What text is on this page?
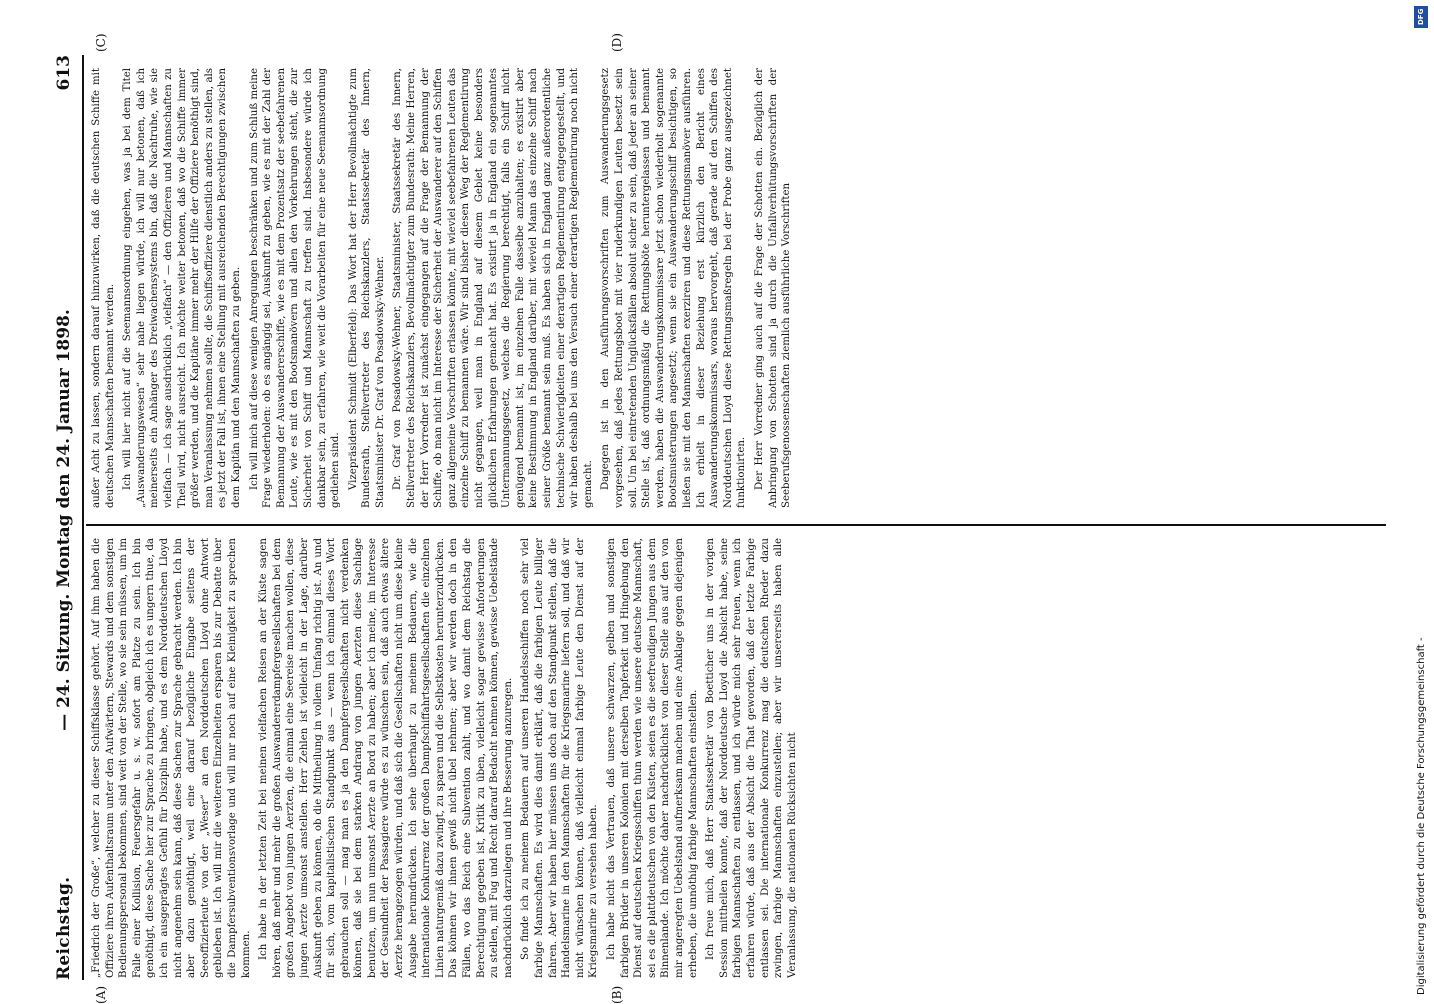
Reichstag.
— 24. Sitzung. Montag den 24. Januar 1898.
613
(A)	(B)
(C)	(D)

„Friedrich der Große“, welcher zu dieser Schiffsklasse gehört. Auf ihm haben die Offiziere ihren Aufenthaltsraum unter den Aufwärtern, Stewards und dem sonstigen Bedienungspersonal bekommen, sind weit von der Stelle, wo sie sein müssen, um im Falle einer Kollision, Feuersgefahr u. s. w. sofort am Platze zu sein. Ich bin genöthigt, diese Sache hier zur Sprache zu bringen, obgleich ich es ungern thue, da ich ein ausgeprägtes Gefühl für Disziplin habe, und es dem Norddeutschen Lloyd nicht angenehm sein kann, daß diese Sachen zur Sprache gebracht werden. Ich bin aber dazu genöthigt, weil eine darauf bezügliche Eingabe seitens der Seeoffizierleute von der „Weser“ an den Norddeutschen Lloyd ohne Antwort geblieben ist. Ich will mir die weiteren Einzelheiten ersparen bis zur Debatte über die Dampfersubventionsvorlage und will nur noch auf eine Kleinigkeit zu sprechen kommen. Ich habe in der letzten Zeit bei meinen vielfachen Reisen an der Küste sagen hören, daß mehr und mehr die großen Auswandererdampfergesellschaften bei dem großen Angebot von jungen Aerzten, die einmal eine Seereise machen wollen, diese jungen Aerzte umsonst anstellen. Herr Zehlen ist vielleicht in der Lage, darüber Auskunft geben zu können, ob die Mittheilung in vollem Umfang richtig ist. An und für sich, vom kapitalistischen Standpunkt aus — wenn ich einmal dieses Wort gebrauchen soll — mag man es ja den Dampfergesellschaften nicht verdenken können, daß sie bei dem starken Andrang von jungen Aerzten diese Sachlage benutzen, um nun umsonst Aerzte an Bord zu haben; aber ich meine, im Interesse der Gesundheit der Passagiere würde es zu wünschen sein, daß auch etwas ältere Aerzte herangezogen würden, und daß sich die Gesellschaften nicht um diese kleine Ausgabe herumdrücken. Ich sehe überhaupt zu meinem Bedauern, wie die internationale Konkurrenz der großen Dampfschiffahrtsgesellschaften die einzelnen Linien naturgemäß dazu zwingt, zu sparen und die Selbstkosten herunterzudrücken. Das können wir ihnen gewiß nicht übel nehmen; aber wir werden doch in den Fällen, wo das Reich eine Subvention zahlt, und wo damit dem Reichstag die Berechtigung gegeben ist, Kritik zu üben, vielleicht sogar gewisse Anforderungen zu stellen, mit Fug und Recht darauf Bedacht nehmen können, gewisse Uebelstände nachdrücklich darzulegen und ihre Besserung anzuregen. So finde ich zu meinem Bedauern auf unseren Handelsschiffen noch sehr viel farbige Mannschaften. Es wird dies damit erklärt, daß die farbigen Leute billiger fahren. Aber wir haben hier müssen uns doch auf den Standpunkt stellen, daß die Handelsmarine in den Mannschaften für die Kriegsmarine liefern soll, und daß wir nicht wünschen können, daß vielleicht einmal farbige Leute den Dienst auf der Kriegsmarine zu versehen haben. Ich habe nicht das Vertrauen, daß unsere schwarzen, gelben und sonstigen farbigen Brüder in unseren Kolonien mit derselben Tapferkeit und Hingebung den Dienst auf deutschen Kriegsschiffen thun werden wie unsere deutsche Mannschaft, sei es die plattdeutschen von den Küsten, seien es die seefreudigen Jungen aus dem Binnenlande. Ich möchte daher nachdrücklichst von dieser Stelle aus auf den von mir angeregten Uebelstand aufmerksam machen und eine Anklage gegen diejenigen erheben, die unnöthig farbige Mannschaften einstellen. Ich freue mich, daß Herr Staatssekretär von Boetticher uns in der vorigen Session mittheilen konnte, daß der Norddeutsche Lloyd die Absicht habe, seine farbigen Mannschaften zu entlassen, und ich würde mich sehr freuen, wenn ich erfahren würde, daß aus der Absicht die That geworden, daß der letzte Farbige entlassen sei. Die internationale Konkurrenz mag die deutschen Rheder dazu zwingen, farbige Mannschaften einzustellen; aber wir unsererseits haben alle Veranlassung, die nationalen Rücksichten nicht

außer Acht zu lassen, sondern darauf hinzuwirken, daß die deutschen Schiffe mit deutschen Mannschaften bemannt werden. Ich will hier nicht auf die Seemannsordnung eingehen, was ja bei dem Titel „Auswanderungswesen“ sehr nahe liegen würde, ich will nur betonen, daß ich meinerseits ein Anhänger des Dreiwachensystems bin, daß die Nachtruhe, wie sie vielfach — ich sage ausdrücklich „vielfach“ — den Offizieren und Mannschaften zu Theil wird, nicht ausreicht. Ich möchte weiter betonen, daß wo die Schiffe immer größer werden, und die Kapitäne immer mehr der Hilfe der Offiziere benöthigt sind, man Veranlassung nehmen sollte, die Schiffsoffiziere dienstlich anders zu stellen, als es jetzt der Fall ist, ihnen eine Stellung mit ausreichenden Berechtigungen zwischen dem Kapitän und den Mannschaften zu geben. Ich will mich auf diese wenigen Anregungen beschränken und zum Schluß meine Frage wiederholen: ob es angängig sei, Auskunft zu geben, wie es mit der Zahl der Bemannung der Auswandererschiffe, wie es mit dem Prozentsatz der seebefahrenen Leute, wie es mit den Bootsmanövern und allen den Vorkehrungen steht, die zur Sicherheit von Schiff und Mannschaft zu treffen sind. Insbesondere würde ich dankbar sein, zu erfahren, wie weit die Vorarbeiten für eine neue Seemannsordnung gediehen sind. Vizepräsident Schmidt (Elberfeld): Das Wort hat der Herr Bevollmächtigte zum Bundesrath, Stellvertreter des Reichskanzlers, Staatssekretär des Innern, Staatsminister Dr. Graf von Posadowsky-Wehner. Dr. Graf von Posadowsky-Wehner, Staatsminister, Staatssekretär des Innern, Stellvertreter des Reichskanzlers, Bevollmächtigter zum Bundesrath: Meine Herren, der Herr Vorredner ist zunächst eingegangen auf die Frage der Bemannung der Schiffe, ob man nicht im Interesse der Sicherheit der Auswanderer auf den Schiffen ganz allgemeine Vorschriften erlassen könnte, mit wieviel seebefahrenen Leuten das einzelne Schiff zu bemannen wäre. Wir sind bisher diesen Weg der Reglementirung nicht gegangen, weil man in England auf diesem Gebiet keine besonders glücklichen Erfahrungen gemacht hat. Es existirt ja in England ein sogenanntes Untermannungsgesetz, welches die Regierung berechtigt, falls ein Schiff nicht genügend bemannt ist, im einzelnen Falle dasselbe anzuhalten; es existirt aber keine Bestimmung in England darüber, mit wieviel Mann das einzelne Schiff nach seiner Größe bemannt sein muß. Es haben sich in England ganz außerordentliche technische Schwierigkeiten einer derartigen Reglementirung entgegengestellt, und wir haben deshalb bei uns den Versuch einer derartigen Reglementirung noch nicht gemacht. Dagegen ist in den Ausführungsvorschriften zum Auswanderungsgesetz vorgesehen, daß jedes Rettungsboot mit vier ruderkundigen Leuten besetzt sein soll. Um bei eintretenden Unglücksfällen absolut sicher zu sein, daß jeder an seiner Stelle ist, daß ordnungsmäßig die Rettungsböte heruntergelassen und bemannt werden, haben die Auswanderungskommissare jetzt schon wiederholt sogenannte Bootsmusterungen angesetzt; wenn sie ein Auswanderungsschiff besichtigen, so ließen sie mit den Mannschaften exerziren und diese Rettungsmanöver ausführen. Ich erhielt in dieser Beziehung erst kürzlich den Bericht eines Auswanderungskommissars, woraus hervorgeht, daß gerade auf den Schiffen des Norddeutschen Lloyd diese Rettungsmaßregeln bei der Probe ganz ausgezeichnet funktionirten. Der Herr Vorredner ging auch auf die Frage der Schotten ein. Bezüglich der Anbringung von Schotten sind ja durch die Unfallverhütungsvorschriften der Seeberufsgenossenschaften ziemlich ausführliche Vorschriften

Digitalisierung gefördert durch die Deutsche Forschungsgemeinschaft -
DFG
